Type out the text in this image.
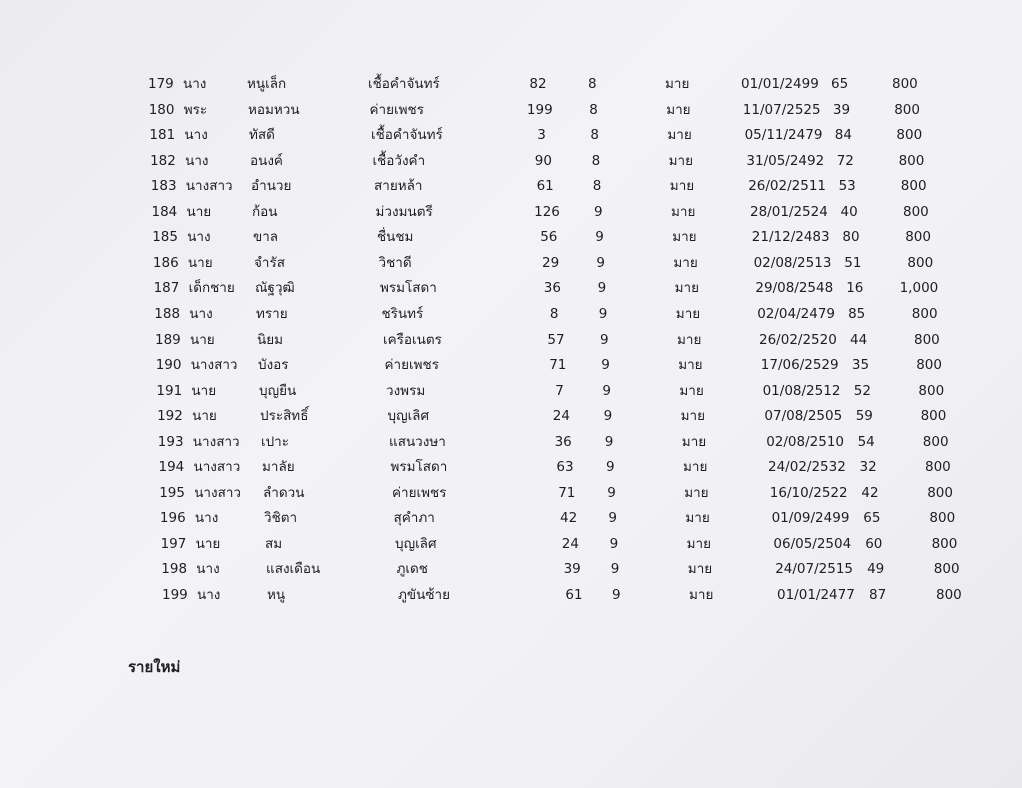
179 นาง	หนูเล็ก	เชื้อคำจันทร์	82	8	มาย	01/01/2499 65	800
180 พระ	หอมหวน	ค่ายเพชร	199	8	มาย	11/07/2525 39	800
181 นาง	ทัสดี	เชื้อคำจันทร์	3	8	มาย	05/11/2479 84	800
182 นาง	อนงค์	เชื้อวังคำ	90	8	มาย	31/05/2492 72	800
183 นางสาว อำนวย	สายหล้า	61	8	มาย	26/02/2511 53	800
184 นาย	ก้อน	ม่วงมนตรี	126	9	มาย	28/01/2524 40	800
185 นาง	ขาล	ชื่นชม	56	9	มาย	21/12/2483 80	800
186 นาย	จำรัส	วิชาดี	29	9	มาย	02/08/2513 51	800
187 เด็กชาย ณัฐวุฒิ	พรมโสดา	36	9	มาย	29/08/2548 16	1,000
188 นาง	ทราย	ชรินทร์	8	9	มาย	02/04/2479 85	800
189 นาย	นิยม	เครือเนตร	57	9	มาย	26/02/2520 44	800
190 นางสาว บังอร	ค่ายเพชร	71	9	มาย	17/06/2529 35	800
191 นาย	บุญยืน	วงพรม	7	9	มาย	01/08/2512 52	800
192 นาย	ประสิทธิ์	บุญเลิศ	24	9	มาย	07/08/2505 59	800
193 นางสาว เปาะ	แสนวงษา	36	9	มาย	02/08/2510 54	800
194 นางสาว มาลัย	พรมโสดา	63	9	มาย	24/02/2532 32	800
195 นางสาว ลำดวน	ค่ายเพชร	71	9	มาย	16/10/2522 42	800
196 นาง	วิชิตา	สุคำภา	42	9	มาย	01/09/2499 65	800
197 นาย	สม	บุญเลิศ	24	9	มาย	06/05/2504 60	800
198 นาง	แสงเดือน	ภูเดช	39	9	มาย	24/07/2515 49	800
199 นาง	หนู	ภูขันซ้าย	61	9	มาย	01/01/2477 87	800
รายใหม่
